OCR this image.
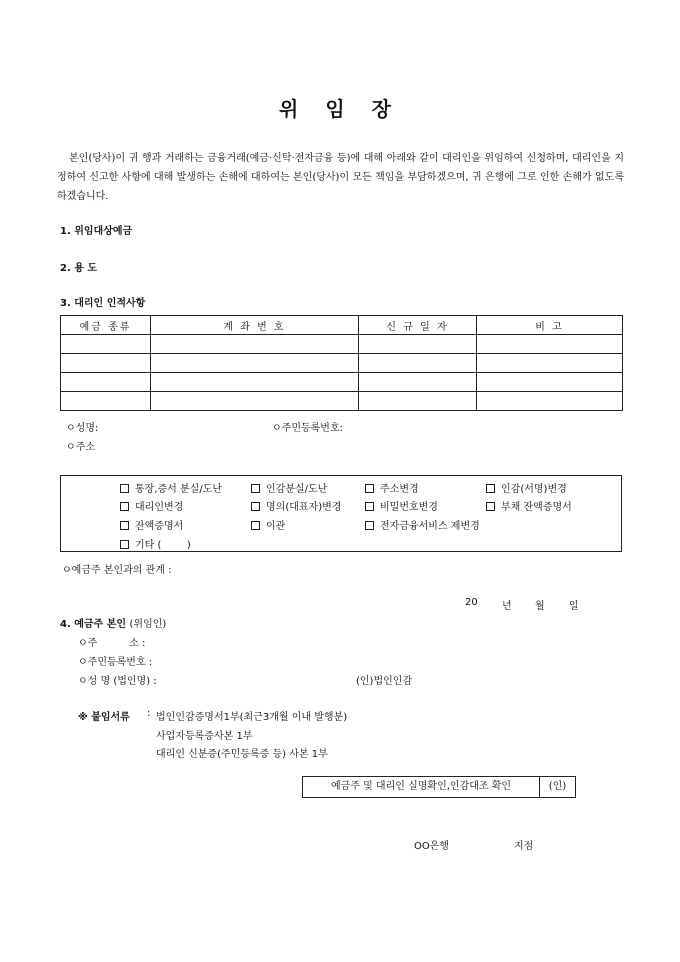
위 임 장

본인(당사)이 귀 행과 거래하는 금융거래(예금·신탁·전자금융 등)에 대해 아래와 같이 대리인을 위임하여 신청하며, 대리인을 지정하여 신고한 사항에 대해 발생하는 손해에 대하여는 본인(당사)이 모든 책임을 부담하겠으며, 귀 은행에 그로 인한 손해가 없도록 하겠습니다.

1. 위임대상예금
2. 용 도
3. 대리인 인적사항
예금 종류	계 좌 번 호	신 규 일 자	비 고

ㅇ성명:	ㅇ주민등록번호:
ㅇ주소
통장,증서 분실/도난	인감분실/도난	주소변경	인감(서명)변경
대리인변경	명의(대표자)변경	비밀번호변경	부채 잔액증명서
잔액증명서	이관	전자금융서비스 제변경
기타 (        )
ㅇ예금주 본인과의 관계 :
20 년 월 일
4. 예금주 본인 (위임인)
ㅇ주          소 :
ㅇ주민등록번호 :
ㅇ성 명 (법인명) :	(인)법인인감
※ 붙임서류 : 법인인감증명서1부(최근3개월 이내 발행분)
사업자등록증사본 1부
대리인 신분증(주민등록증 등) 사본 1부
예금주 및 대리인 실명확인,인감대조 확인	(인)
OO은행	지점
